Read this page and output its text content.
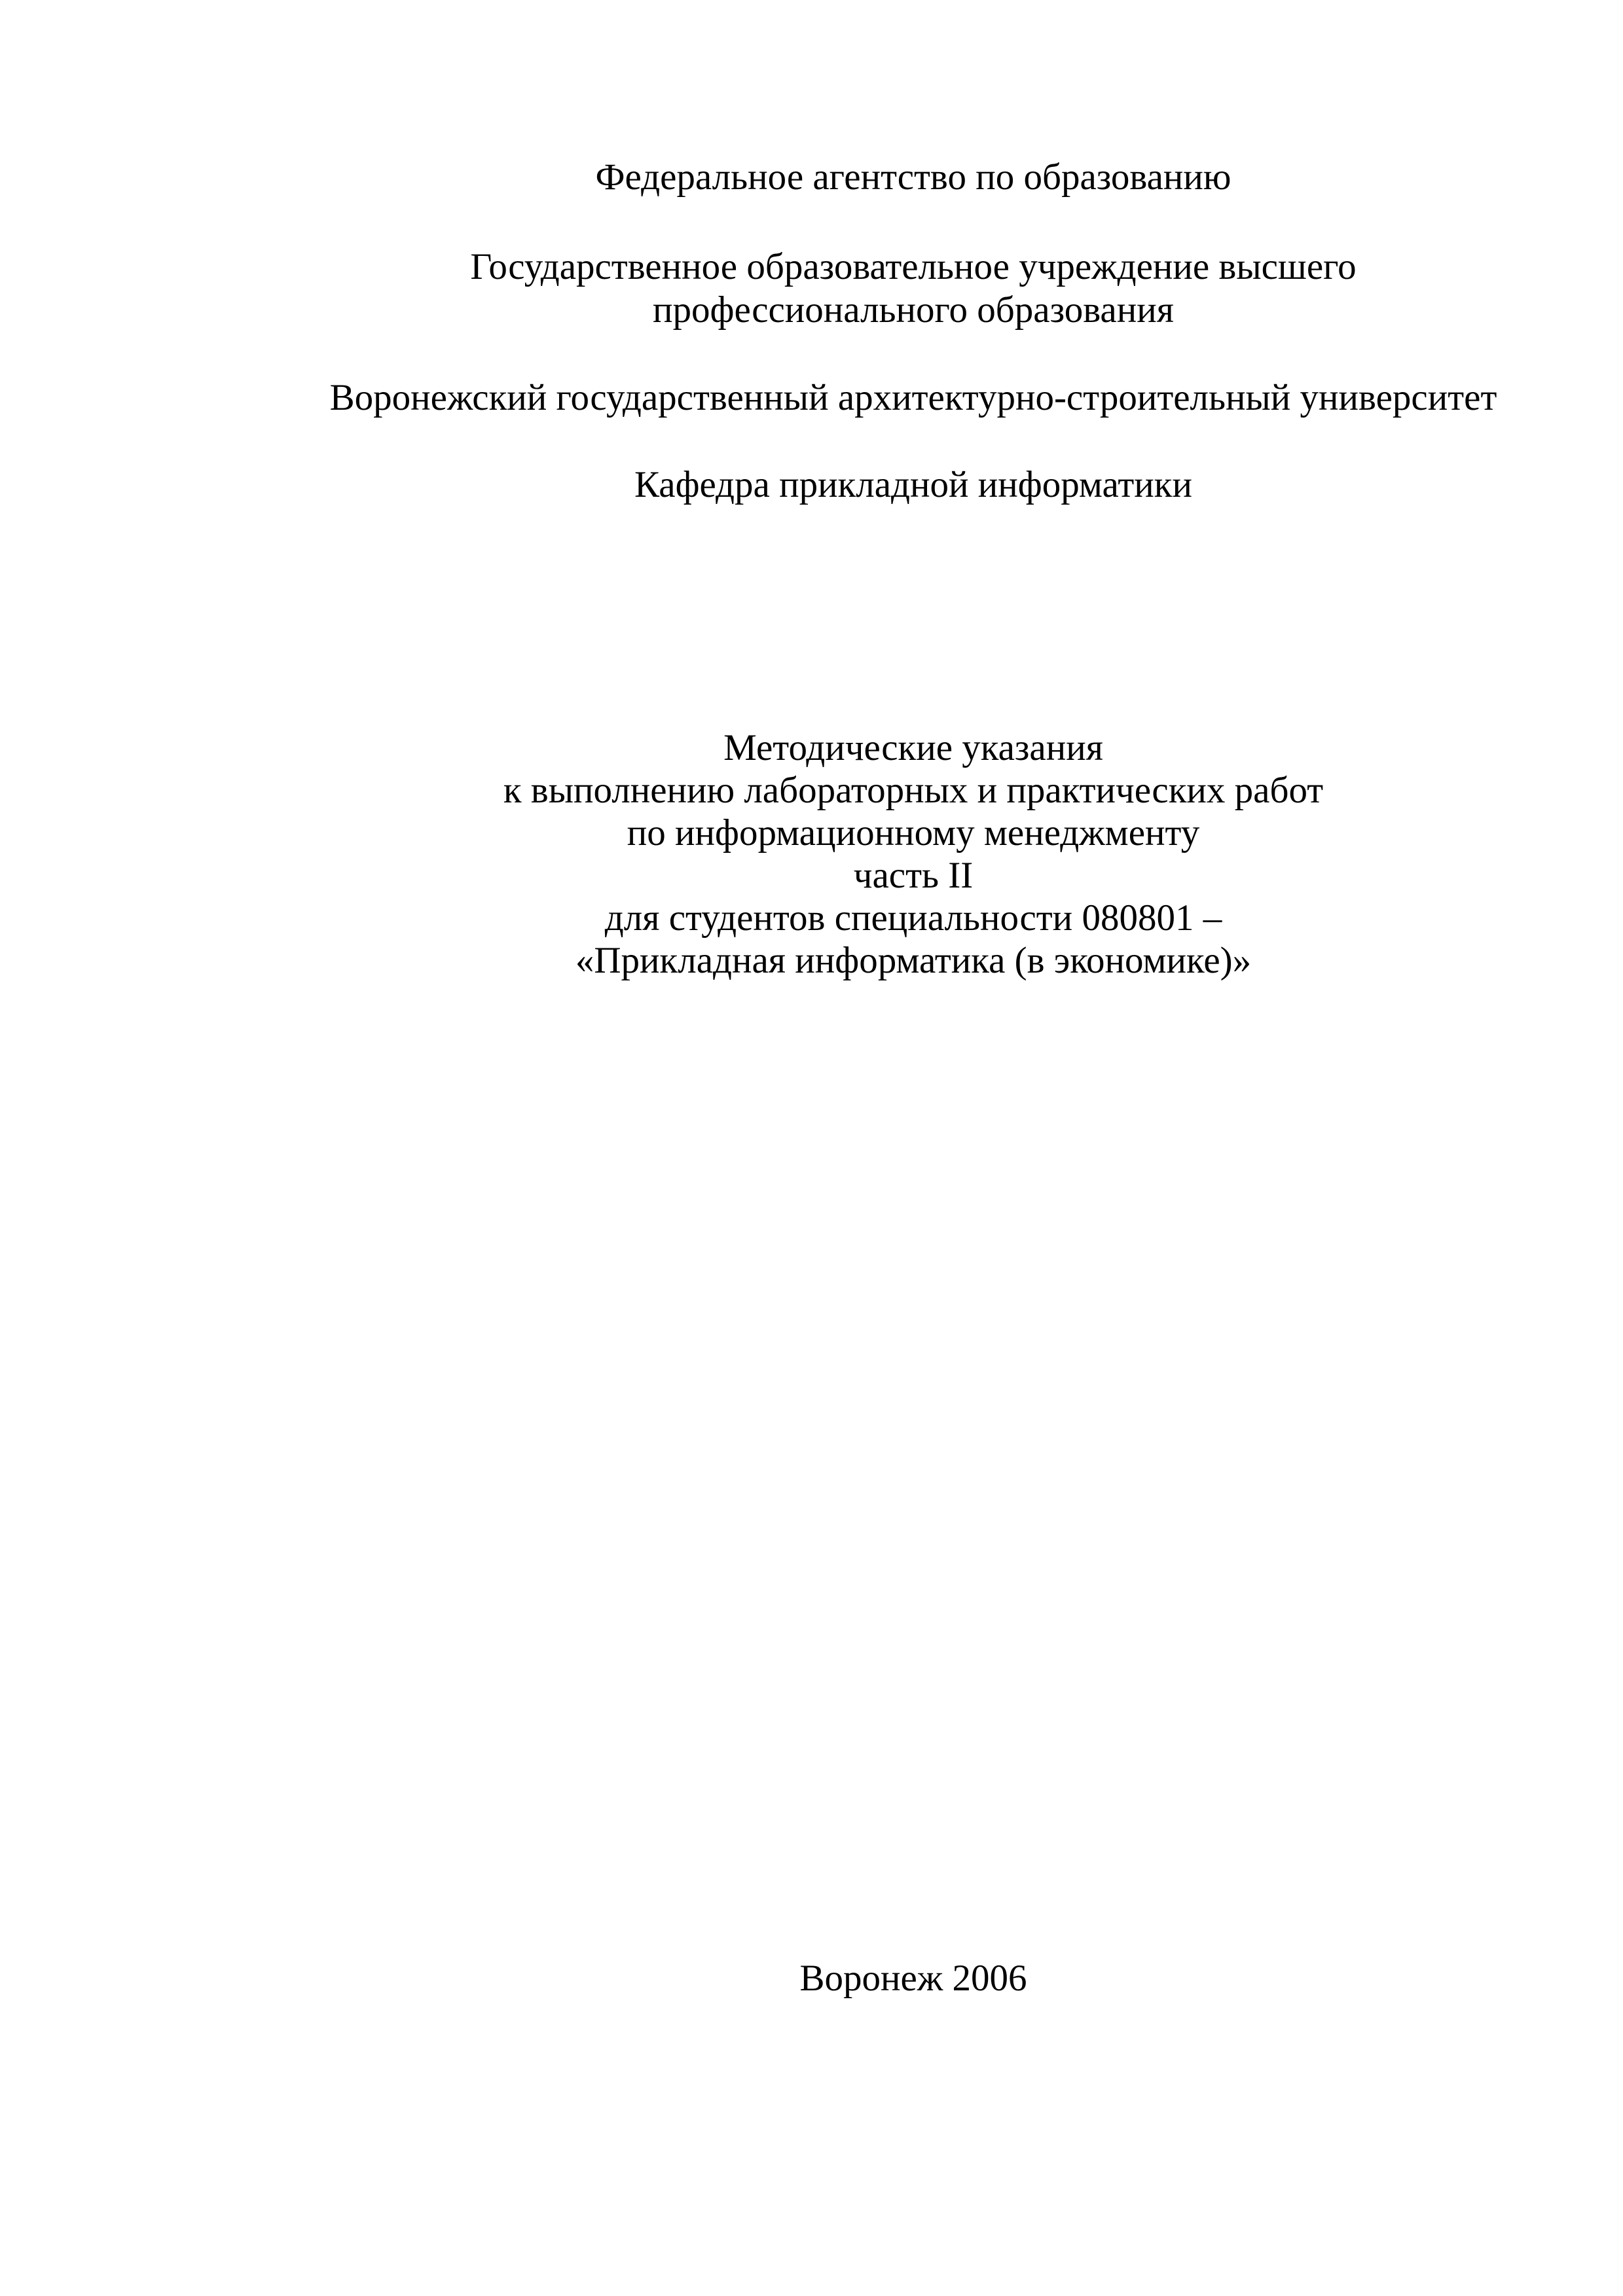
Федеральное агентство по образованию
Государственное образовательное учреждение высшего
профессионального образования
Воронежский государственный архитектурно-строительный университет
Кафедра прикладной информатики
Методические указания
к выполнению лабораторных и практических работ
по информационному менеджменту
часть II
для студентов специальности 080801 –
«Прикладная информатика (в экономике)»
Воронеж 2006
